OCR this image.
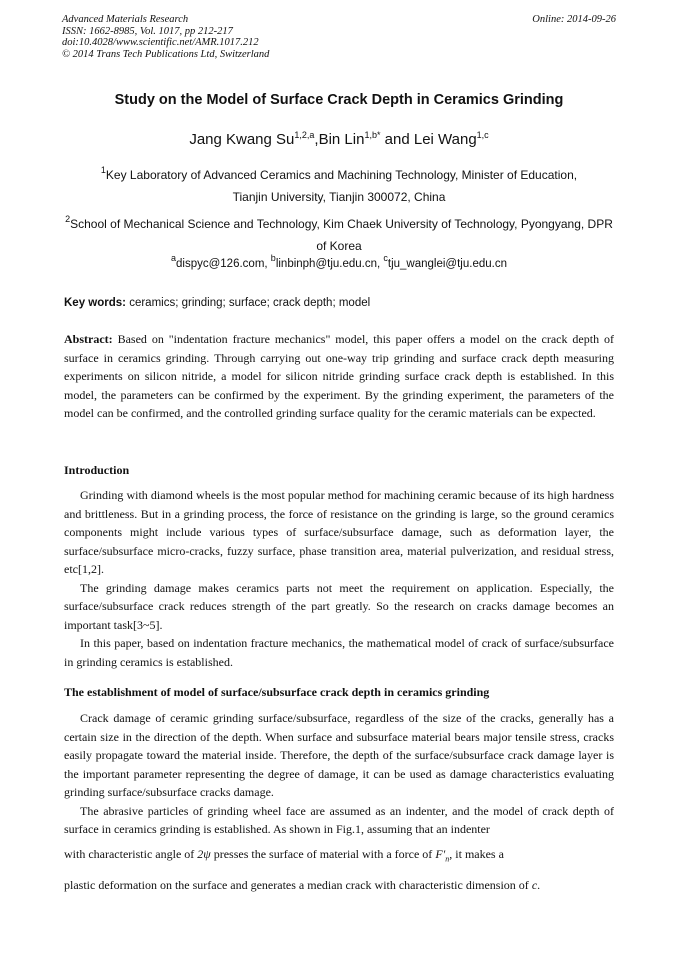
Advanced Materials Research
ISSN: 1662-8985, Vol. 1017, pp 212-217
doi:10.4028/www.scientific.net/AMR.1017.212
© 2014 Trans Tech Publications Ltd, Switzerland
Online: 2014-09-26
Study on the Model of Surface Crack Depth in Ceramics Grinding
Jang Kwang Su$^{1,2,a}$,Bin Lin$^{1,b*}$ and Lei Wang$^{1,c}$
$^1$Key Laboratory of Advanced Ceramics and Machining Technology, Minister of Education,
Tianjin University, Tianjin 300072, China
$^2$School of Mechanical Science and Technology, Kim Chaek University of Technology, Pyongyang, DPR of Korea
$^a$dispyc@126.com, $^b$linbinph@tju.edu.cn, $^c$tju_wanglei@tju.edu.cn
Key words: ceramics; grinding; surface; crack depth; model

Abstract: Based on "indentation fracture mechanics" model, this paper offers a model on the crack depth of surface in ceramics grinding. Through carrying out one-way trip grinding and surface crack depth measuring experiments on silicon nitride, a model for silicon nitride grinding surface crack depth is established. In this model, the parameters can be confirmed by the experiment. By the grinding experiment, the parameters of the model can be confirmed, and the controlled grinding surface quality for the ceramic materials can be expected.

Introduction

Grinding with diamond wheels is the most popular method for machining ceramic because of its high hardness and brittleness. But in a grinding process, the force of resistance on the grinding is large, so the ground ceramics components might include various types of surface/subsurface damage, such as deformation layer, the surface/subsurface micro-cracks, fuzzy surface, phase transition area, material pulverization, and residual stress, etc[1,2].

The grinding damage makes ceramics parts not meet the requirement on application. Especially, the surface/subsurface crack reduces strength of the part greatly. So the research on cracks damage becomes an important task[3~5].

In this paper, based on indentation fracture mechanics, the mathematical model of crack of surface/subsurface in grinding ceramics is established.

The establishment of model of surface/subsurface crack depth in ceramics grinding

Crack damage of ceramic grinding surface/subsurface, regardless of the size of the cracks, generally has a certain size in the direction of the depth. When surface and subsurface material bears major tensile stress, cracks easily propagate toward the material inside. Therefore, the depth of the surface/subsurface crack damage layer is the important parameter representing the degree of damage, it can be used as damage characteristics evaluating grinding surface/subsurface cracks damage.

The abrasive particles of grinding wheel face are assumed as an indenter, and the model of crack depth of surface in ceramics grinding is established. As shown in Fig.1, assuming that an indenter

with characteristic angle of 2ψ presses the surface of material with a force of $F'_n$, it makes a

plastic deformation on the surface and generates a median crack with characteristic dimension of c.
